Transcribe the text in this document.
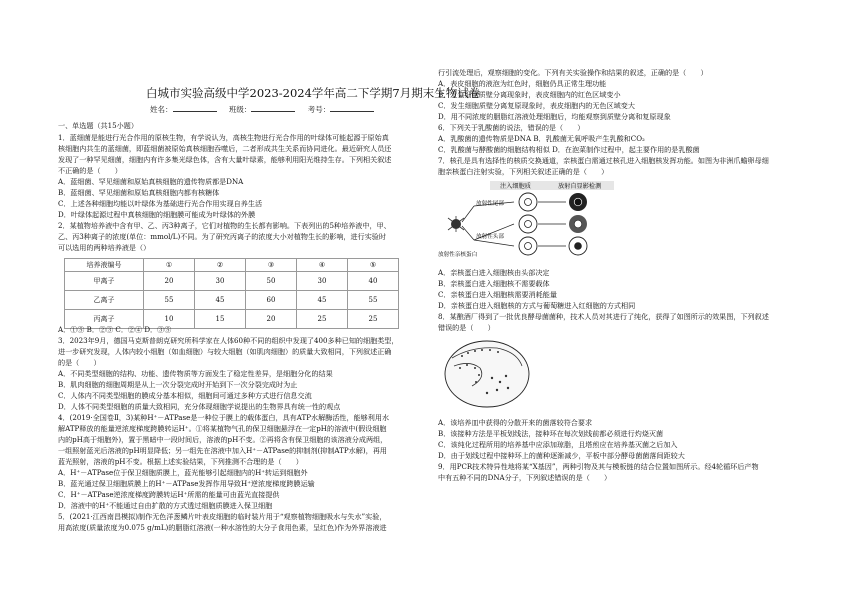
白城市实验高级中学2023-2024学年高二下学期7月期末生物试卷
姓名：	班级：	考号：
一、单选题（共15小题）
1．蓝细菌是能进行光合作用的原核生物，有学说认为，高核生物进行光合作用的叶绿体可能起源于原始真
核细胞内共生的蓝细菌，即蓝细菌被原始真核细胞吞噬后，二者形成共生关系而协同进化。最近研究人员还
发现了一种罕见细菌，细胞内有许多集光绿色体，含有大量叶绿素，能够利用阳光维持生存。下列相关叙述
不正确的是（　　）
A．蓝细菌、罕见细菌和原始真核细胞的遗传物质都是DNA
B．蓝细菌、罕见细菌和原始真核细胞内都有核糖体
C．上述各种细胞均能以叶绿体为基础进行光合作用实现自养生活
D．叶绿体起源过程中真核细胞的细胞膜可能成为叶绿体的外膜
2．某植物培养液中含有甲、乙、丙3种离子，它们对植物的生长都有影响。下表列出的5种培养液中，甲、
乙、丙3种离子的浓度(单位：mmol/L)不同。为了研究丙离子的浓度大小对植物生长的影响，进行实验时
可以选用的两种培养液是（）
培养液编号	①	②	③	④	⑤
甲离子	20	30	50	30	40
乙离子	55	45	60	45	55
丙离子	10	15	20	25	25
A．①⑤ B．②③ C．②④ D．③⑤
3．2023年9月，德国马克斯普朗克研究所科学家在人体60种不同的组织中发现了400多种已知的细胞类型，
进一步研究发现，人体内较小细胞（如血细胞）与较大细胞（如肌肉细胞）的质量大致相同，下列叙述正确
的是（　　）
A．不同类型细胞的结构、功能、遗传物质等方面发生了稳定性差异，是细胞分化的结果
B．肌肉细胞的细胞周期是从上一次分裂完成时开始到下一次分裂完成时为止
C．人体内不同类型细胞的膜成分基本相似，细胞间可通过多种方式进行信息交流
D．人体不同类型细胞的质量大致相同，充分体现细胞学说提出的生物界具有统一性的观点
4．(2019·全国卷Ⅱ，3)某种H⁺－ATPase是一种位于膜上的载体蛋白，具有ATP水解酶活性，能够利用水
解ATP释放的能量逆浓度梯度跨膜转运H⁺。①将某植物气孔的保卫细胞悬浮在一定pH的溶液中(假设细胞
内的pH高于细胞外)，置于黑暗中一段时间后，溶液的pH不变。②再将含有保卫细胞的该溶液分成两组，
一组照射蓝光后溶液的pH明显降低；另一组先在溶液中加入H⁺－ATPase的抑制剂(抑制ATP水解)，再用
蓝光照射，溶液的pH不变。根据上述实验结果，下列推测不合理的是（　　）
A．H⁺－ATPase位于保卫细胞质膜上，蓝光能够引起细胞内的H⁺转运到细胞外
B．蓝光通过保卫细胞质膜上的H⁺－ATPase发挥作用导致H⁺逆浓度梯度跨膜运输
C．H⁺－ATPase逆浓度梯度跨膜转运H⁺所需的能量可由蓝光直接提供
D．溶液中的H⁺不能通过自由扩散的方式透过细胞质膜进入保卫细胞
5．(2021·江西南昌模拟)制作无色洋葱鳞片叶表皮细胞的临时装片用于“观察植物细胞吸水与失水”实验，
用高浓度(质量浓度为0.075 g/mL)的胭脂红溶液(一种水溶性的大分子食用色素，呈红色)作为外界溶液进
行引流处理后，观察细胞的变化。下列有关实验操作和结果的叙述，正确的是（　　）
A．表皮细胞的液泡为红色时，细胞仍具正常生理功能
B．发生细胞质壁分离现象时，表皮细胞内的红色区域变小
C．发生细胞质壁分离复原现象时，表皮细胞内的无色区域变大
D．用不同浓度的胭脂红溶液处理细胞后，均能观察到质壁分离和复原现象
6．下列关于乳酸菌的说法，错误的是（　　）
A．乳酸菌的遗传物质是DNA B．乳酸菌无氧呼吸产生乳酸和CO₂
C．乳酸菌与酵酸菌的细胞结构相似 D．在泡菜制作过程中，起主要作用的是乳酸菌
7．核孔是具有选择性的核质交换通道，亲核蛋白需通过核孔进入细胞核发挥功能。如图为非洲爪蟾卵母细
胞亲核蛋白注射实验，下列相关叙述正确的是（　　）
注入细胞质	放射自显影检测
放射性尾部
放射性头部
放射性亲核蛋白
A．亲核蛋白进入细胞核由头部决定
B．亲核蛋白进入细胞核不需要载体
C．亲核蛋白进入细胞核需要消耗能量
D．亲核蛋白进入细胞核的方式与葡萄糖进入红细胞的方式相同
8．某酿酒厂得到了一批优良酵母菌菌种，技术人员对其进行了纯化，获得了如图所示的效果图，下列叙述
错误的是（　　）
A．该培养皿中获得的分散开来的菌落较符合要求
B．该接种方法是平板划线法，接种环在每次划线前都必须进行灼烧灭菌
C．该纯化过程所用的培养基中应添加琼脂，且塔煎应在培养基灭菌之后加入
D．由于划线过程中接种环上的菌种逐渐减少，平板中部分酵母菌菌落间距较大
9．用PCR技术特异性地将某“X基因”，两种引物及其与模板链的结合位置如图所示。经4轮循环后产物
中有五种不同的DNA分子，下列叙述错误的是（　　）
